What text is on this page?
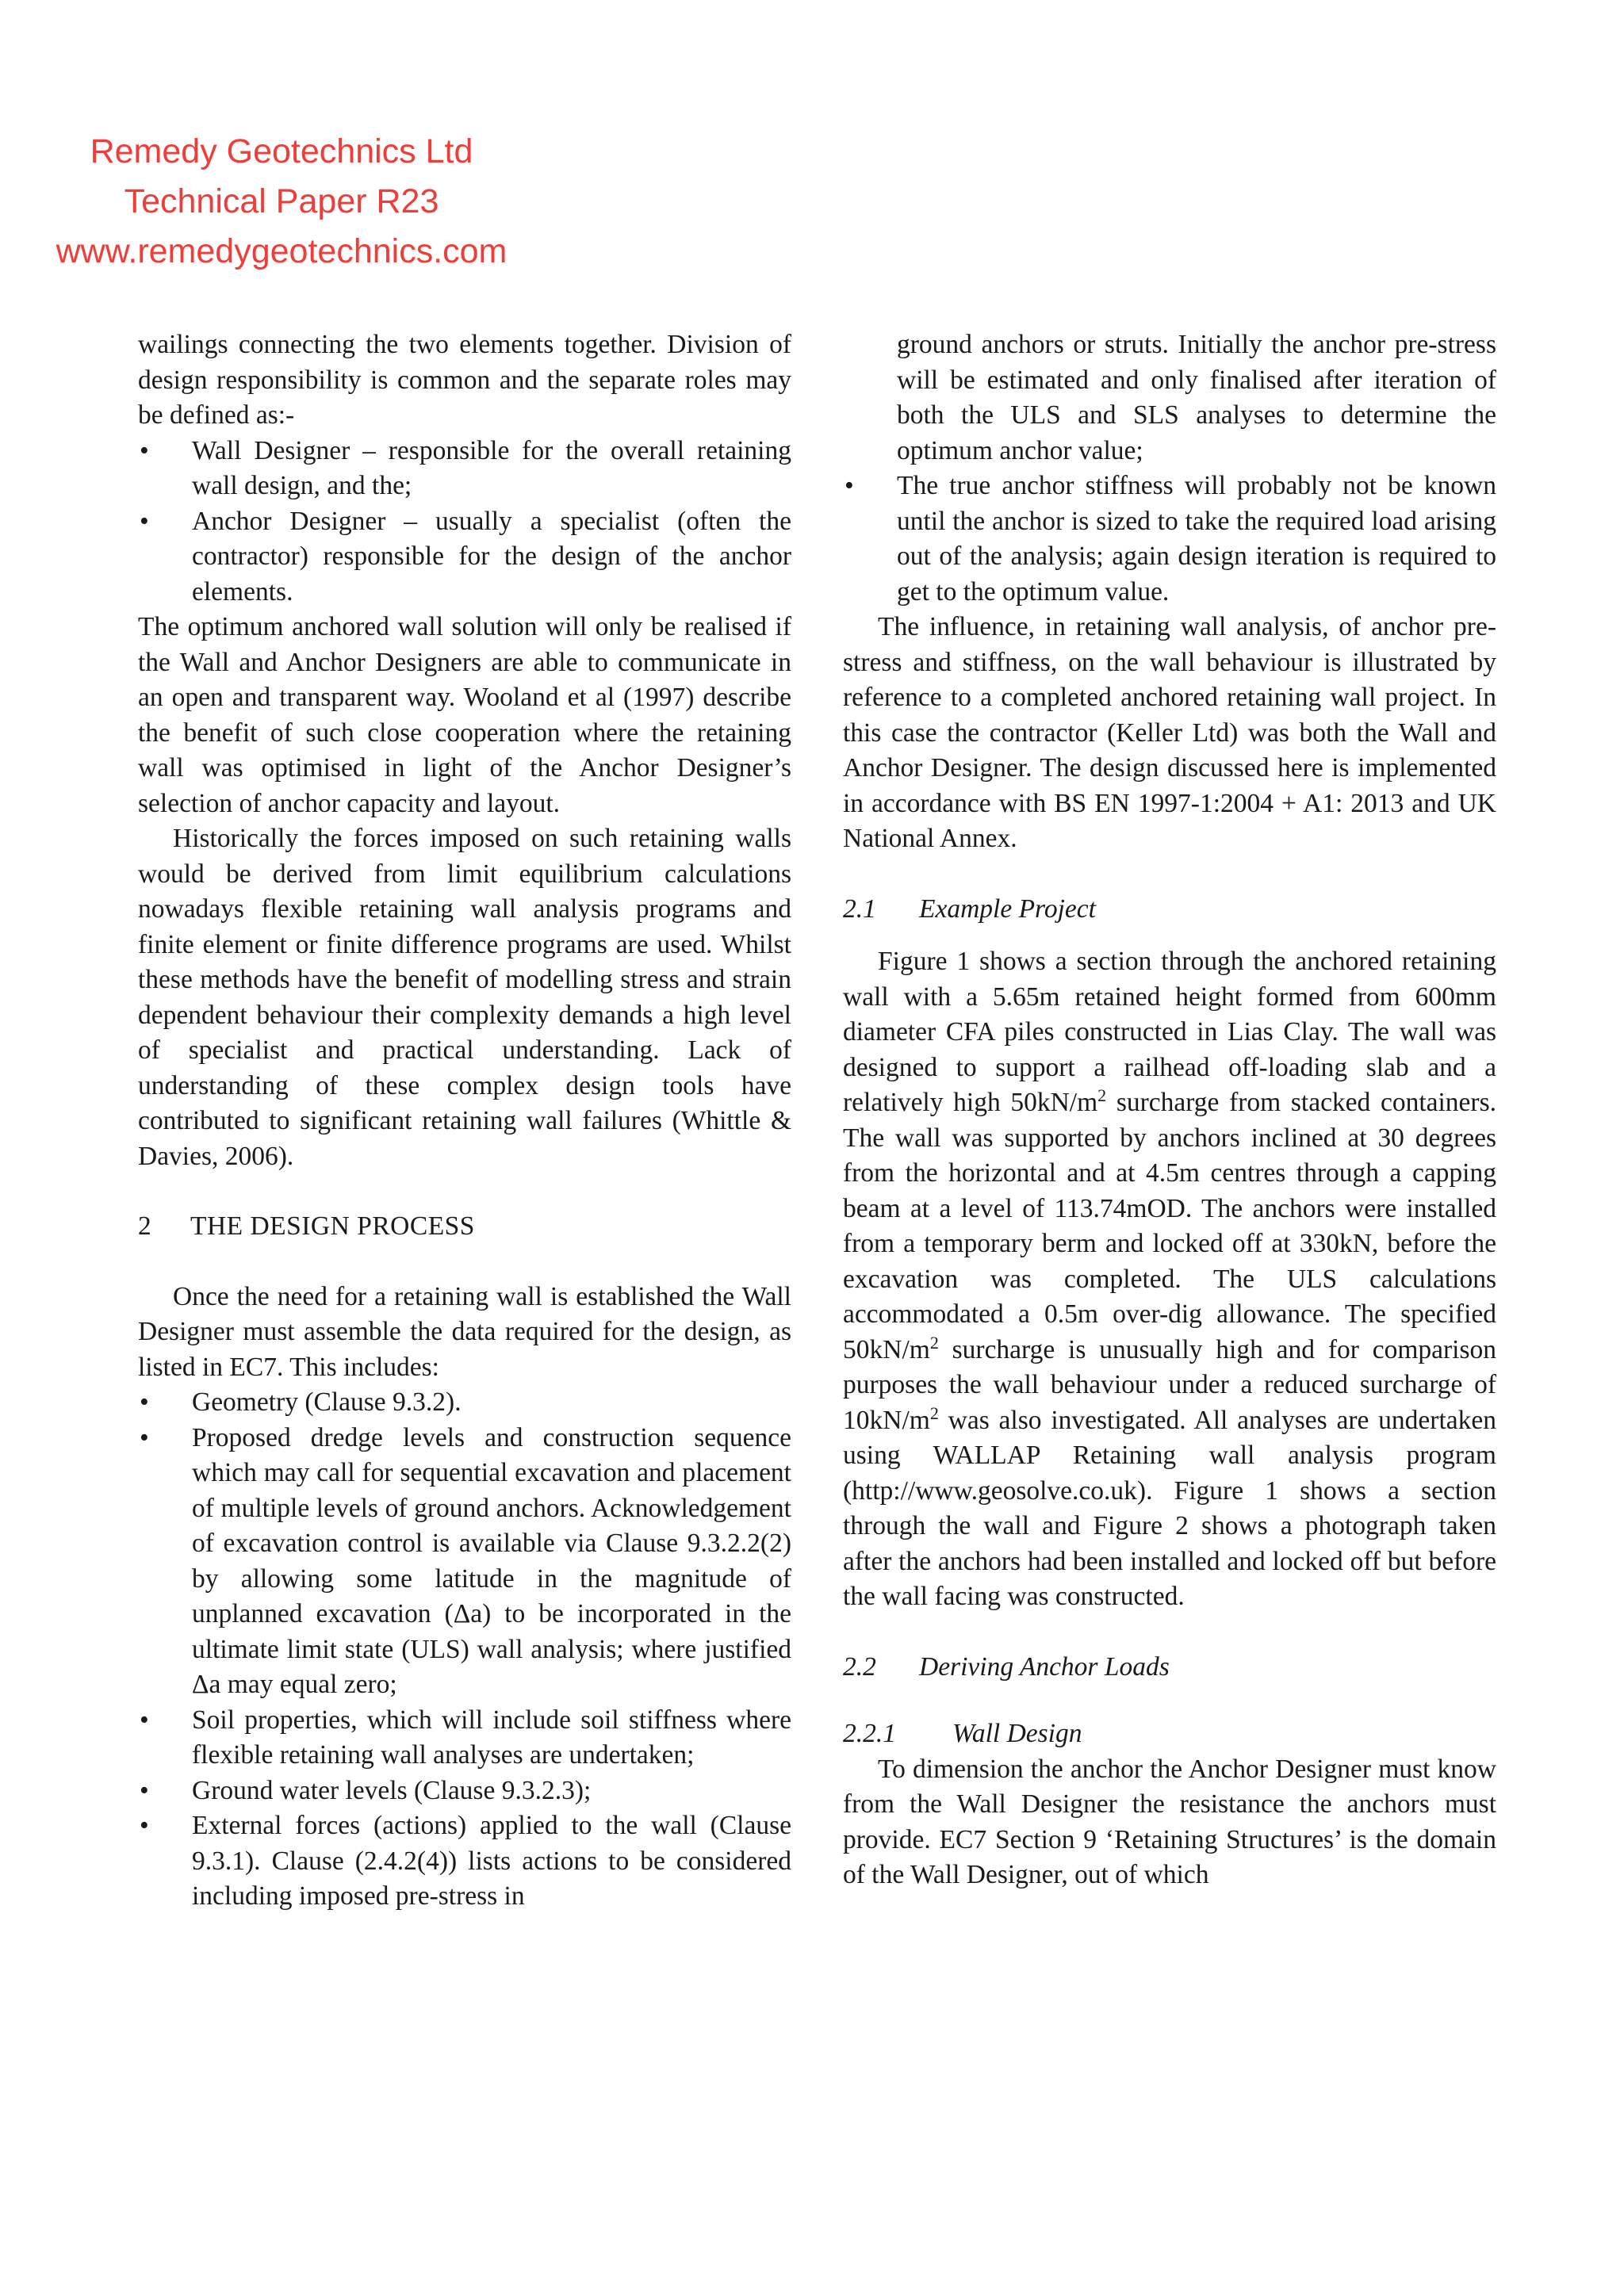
Remedy Geotechnics Ltd
Technical Paper R23
www.remedygeotechnics.com

wailings connecting the two elements together. Division of design responsibility is common and the separate roles may be defined as:-

• Wall Designer – responsible for the overall retaining wall design, and the;
• Anchor Designer – usually a specialist (often the contractor) responsible for the design of the anchor elements.

The optimum anchored wall solution will only be realised if the Wall and Anchor Designers are able to communicate in an open and transparent way. Wooland et al (1997) describe the benefit of such close cooperation where the retaining wall was optimised in light of the Anchor Designer’s selection of anchor capacity and layout.

Historically the forces imposed on such retaining walls would be derived from limit equilibrium calculations nowadays flexible retaining wall analysis programs and finite element or finite difference programs are used. Whilst these methods have the benefit of modelling stress and strain dependent behaviour their complexity demands a high level of specialist and practical understanding. Lack of understanding of these complex design tools have contributed to significant retaining wall failures (Whittle & Davies, 2006).

2 THE DESIGN PROCESS

Once the need for a retaining wall is established the Wall Designer must assemble the data required for the design, as listed in EC7. This includes:

• Geometry (Clause 9.3.2).
• Proposed dredge levels and construction sequence which may call for sequential excavation and placement of multiple levels of ground anchors. Acknowledgement of excavation control is available via Clause 9.3.2.2(2) by allowing some latitude in the magnitude of unplanned excavation (Δa) to be incorporated in the ultimate limit state (ULS) wall analysis; where justified Δa may equal zero;
• Soil properties, which will include soil stiffness where flexible retaining wall analyses are undertaken;
• Ground water levels (Clause 9.3.2.3);
• External forces (actions) applied to the wall (Clause 9.3.1). Clause (2.4.2(4)) lists actions to be considered including imposed pre-stress in

ground anchors or struts. Initially the anchor pre-stress will be estimated and only finalised after iteration of both the ULS and SLS analyses to determine the optimum anchor value;

• The true anchor stiffness will probably not be known until the anchor is sized to take the required load arising out of the analysis; again design iteration is required to get to the optimum value.

The influence, in retaining wall analysis, of anchor pre-stress and stiffness, on the wall behaviour is illustrated by reference to a completed anchored retaining wall project. In this case the contractor (Keller Ltd) was both the Wall and Anchor Designer. The design discussed here is implemented in accordance with BS EN 1997-1:2004 + A1: 2013 and UK National Annex.

2.1 Example Project

Figure 1 shows a section through the anchored retaining wall with a 5.65m retained height formed from 600mm diameter CFA piles constructed in Lias Clay. The wall was designed to support a railhead off-loading slab and a relatively high $50kN/m^2$ surcharge from stacked containers. The wall was supported by anchors inclined at 30 degrees from the horizontal and at 4.5m centres through a capping beam at a level of 113.74mOD. The anchors were installed from a temporary berm and locked off at 330kN, before the excavation was completed. The ULS calculations accommodated a 0.5m over-dig allowance. The specified $50kN/m^2$ surcharge is unusually high and for comparison purposes the wall behaviour under a reduced surcharge of $10kN/m^2$ was also investigated. All analyses are undertaken using WALLAP Retaining wall analysis program (http://www.geosolve.co.uk). Figure 1 shows a section through the wall and Figure 2 shows a photograph taken after the anchors had been installed and locked off but before the wall facing was constructed.

2.2 Deriving Anchor Loads
2.2.1 Wall Design

To dimension the anchor the Anchor Designer must know from the Wall Designer the resistance the anchors must provide. EC7 Section 9 ‘Retaining Structures’ is the domain of the Wall Designer, out of which
